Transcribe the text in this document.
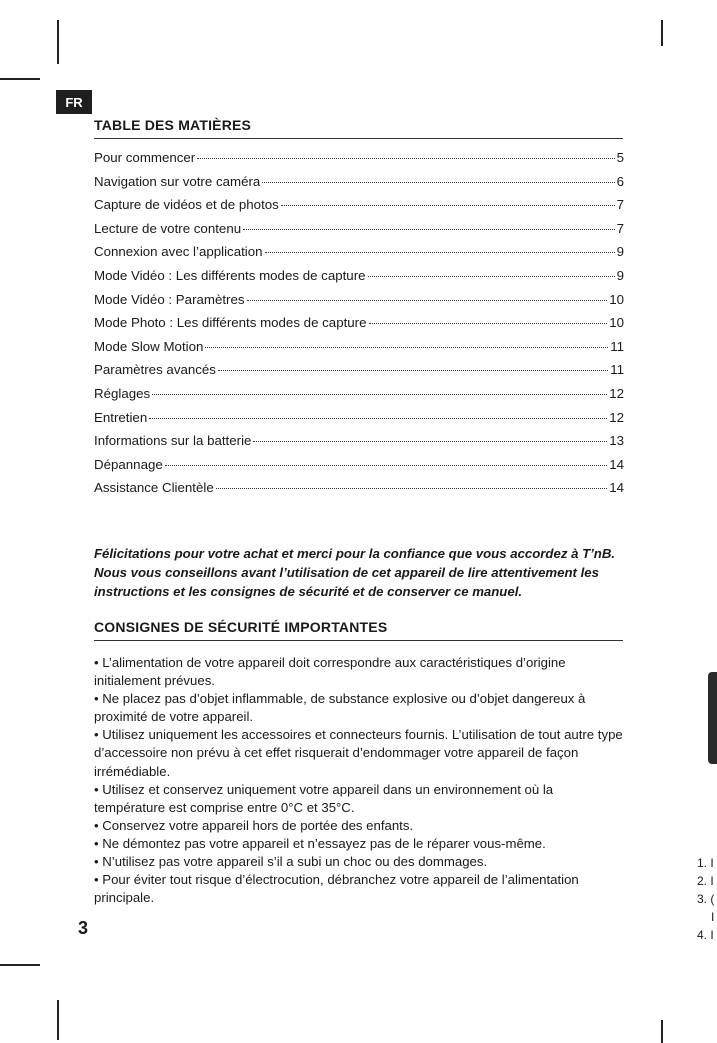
FR
TABLE DES MATIÈRES
Pour commencer	5
Navigation sur votre caméra	6
Capture de vidéos et de photos	7
Lecture de votre contenu	7
Connexion avec l’application	9
Mode Vidéo : Les différents modes de capture	9
Mode Vidéo : Paramètres	10
Mode Photo : Les différents modes de capture	10
Mode Slow Motion	11
Paramètres avancés	11
Réglages	12
Entretien	12
Informations sur la batterie	13
Dépannage	14
Assistance Clientèle	14
Félicitations pour votre achat et merci pour la confiance que vous accordez à T’nB. Nous vous conseillons avant l’utilisation de cet appareil de lire attentivement les instructions et les consignes de sécurité et de conserver ce manuel.
CONSIGNES DE SÉCURITÉ IMPORTANTES

• L’alimentation de votre appareil doit correspondre aux caractéristiques d’origine initialement prévues.

• Ne placez pas d’objet inflammable, de substance explosive ou d’objet dangereux à proximité de votre appareil.

• Utilisez uniquement les accessoires et connecteurs fournis. L’utilisation de tout autre type d’accessoire non prévu à cet effet risquerait d’endommager votre appareil de façon irrémédiable.

• Utilisez et conservez uniquement votre appareil dans un environnement où la température est comprise entre 0°C et 35°C.

• Conservez votre appareil hors de portée des enfants.

• Ne démontez pas votre appareil et n’essayez pas de le réparer vous-même.

• N’utilisez pas votre appareil s’il a subi un choc ou des dommages.

• Pour éviter tout risque d’électrocution, débranchez votre appareil de l’alimentation principale.

3
1. I
2. I
3. (
I
4. I
